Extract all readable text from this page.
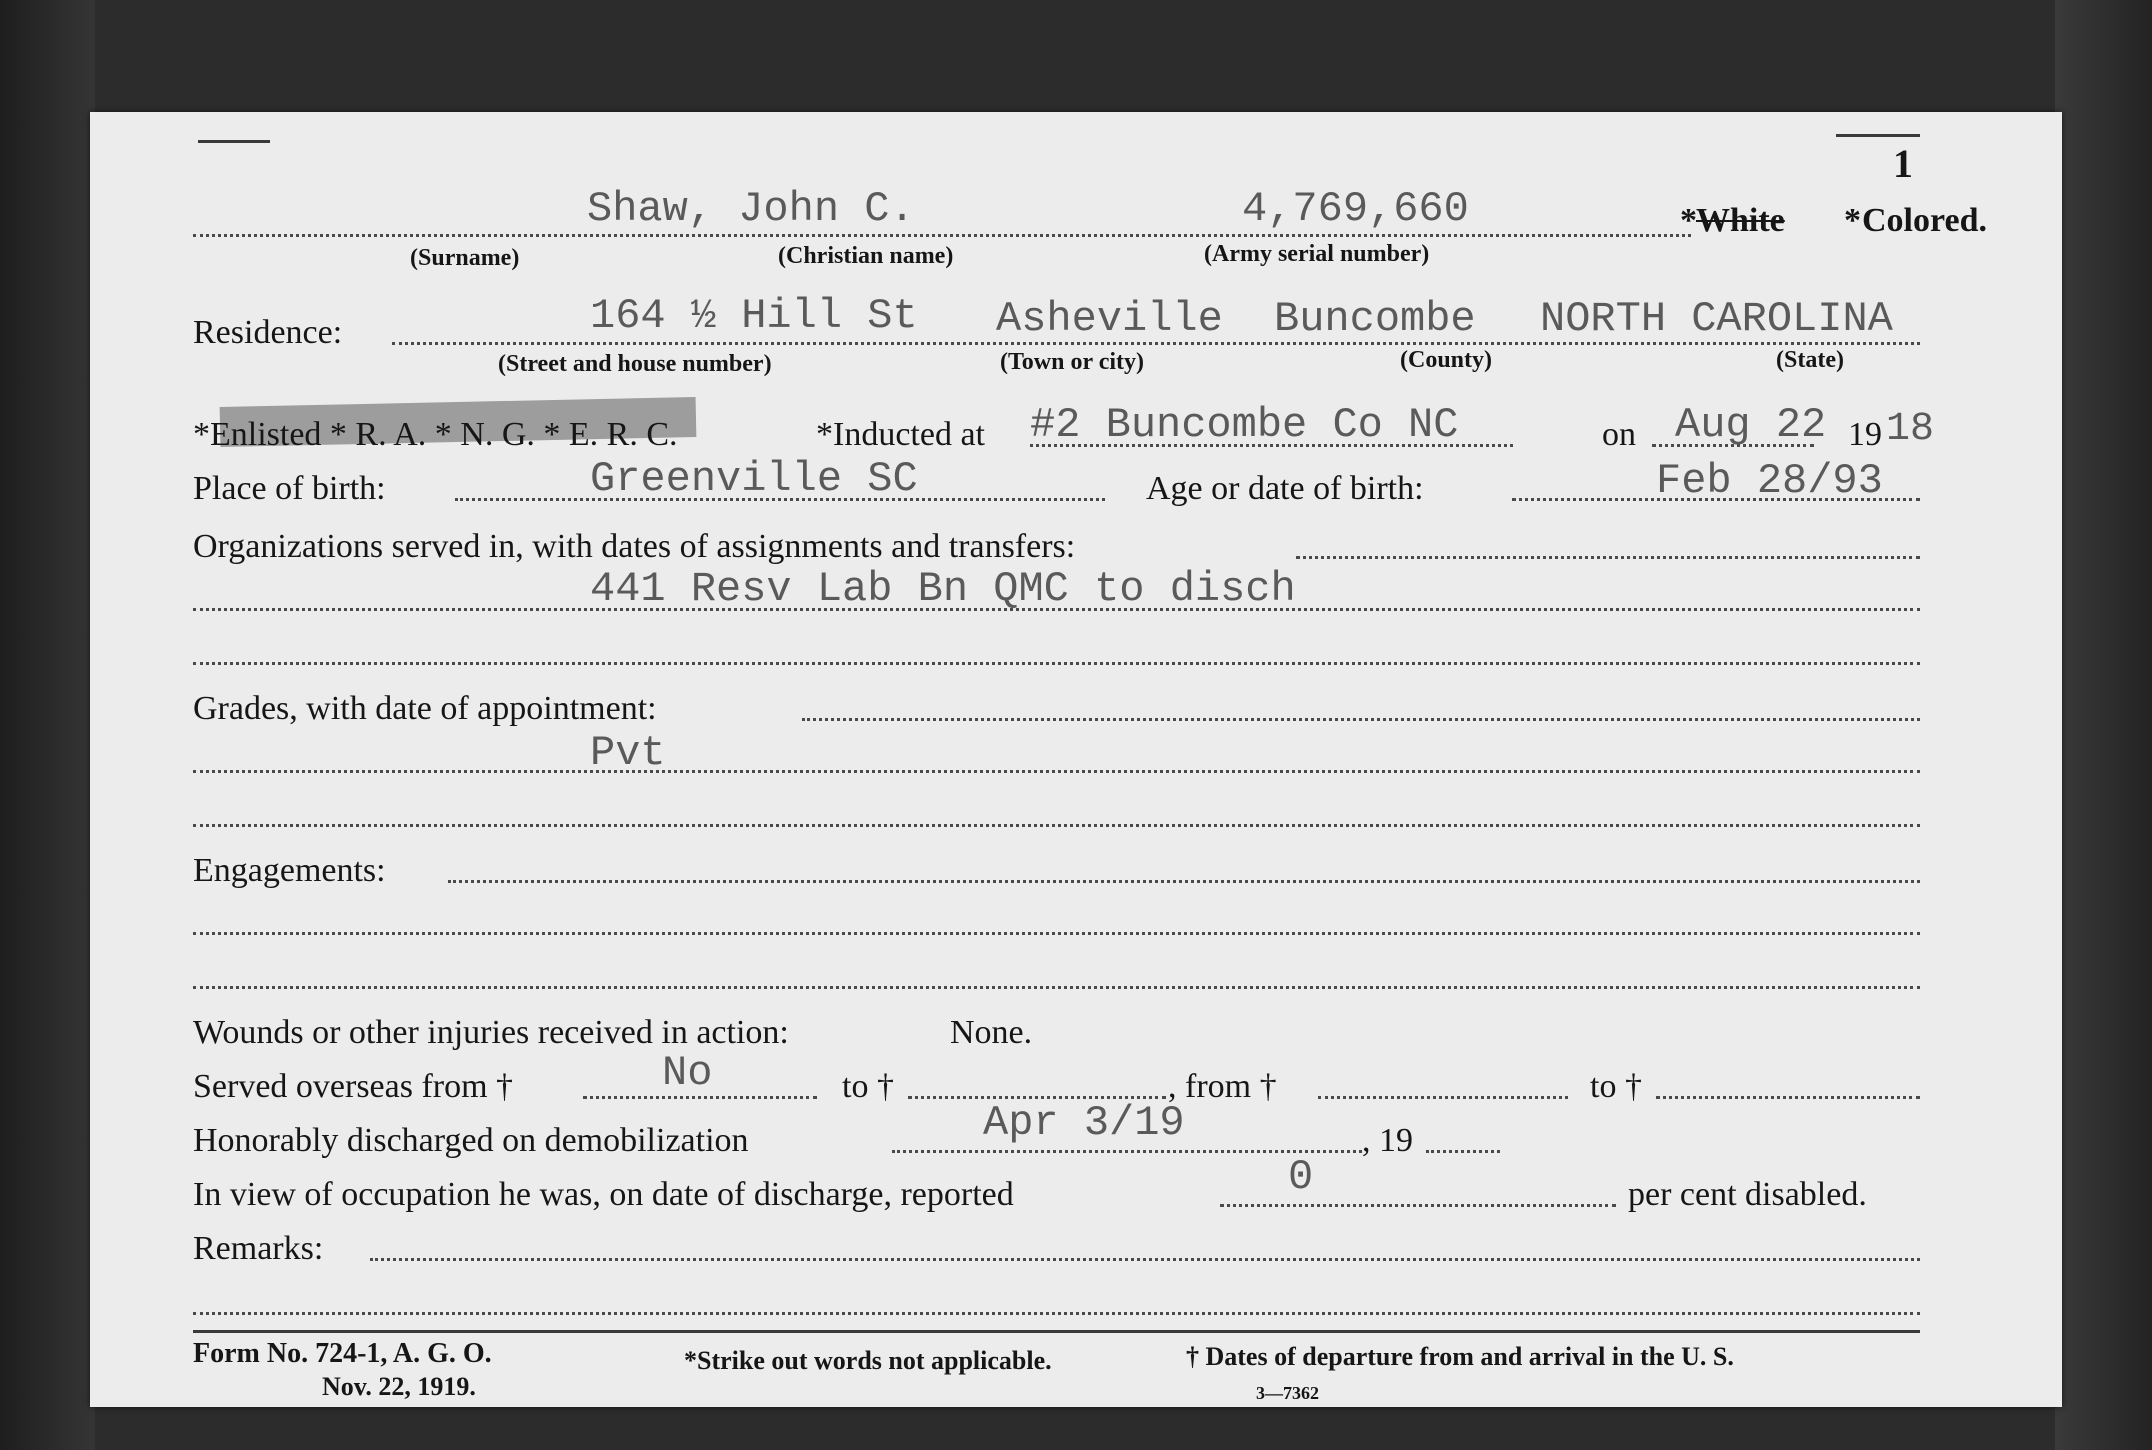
1
Shaw, John C.	4,769,660	* White * Colored.
(Surname)	(Christian name)	(Army serial number)
Residence:	164 ½ Hill St Asheville Buncombe NORTH CAROLINA
(Street and house number)	(Town or city)	(County)	(State)
*Enlisted * R. A. * N. G. * E. R. C.	*Inducted at #2 Buncombe Co NC	on Aug 22 19 18
Place of birth:	Greenville SC	Age or date of birth:	Feb 28/93
Organizations served in, with dates of assignments and transfers:
441 Resv Lab Bn QMC to disch
Grades, with date of appointment:
Pvt
Engagements:
Wounds or other injuries received in action:	None.
Served overseas from †	No	to †	, from †	to †
Honorably discharged on demobilization	Apr 3/19	, 19
In view of occupation he was, on date of discharge, reported	0	per cent disabled.
Remarks:
Form No. 724-1, A. G. O.
Nov. 22, 1919.
*Strike out words not applicable.	† Dates of departure from and arrival in the U. S.
3—7362
